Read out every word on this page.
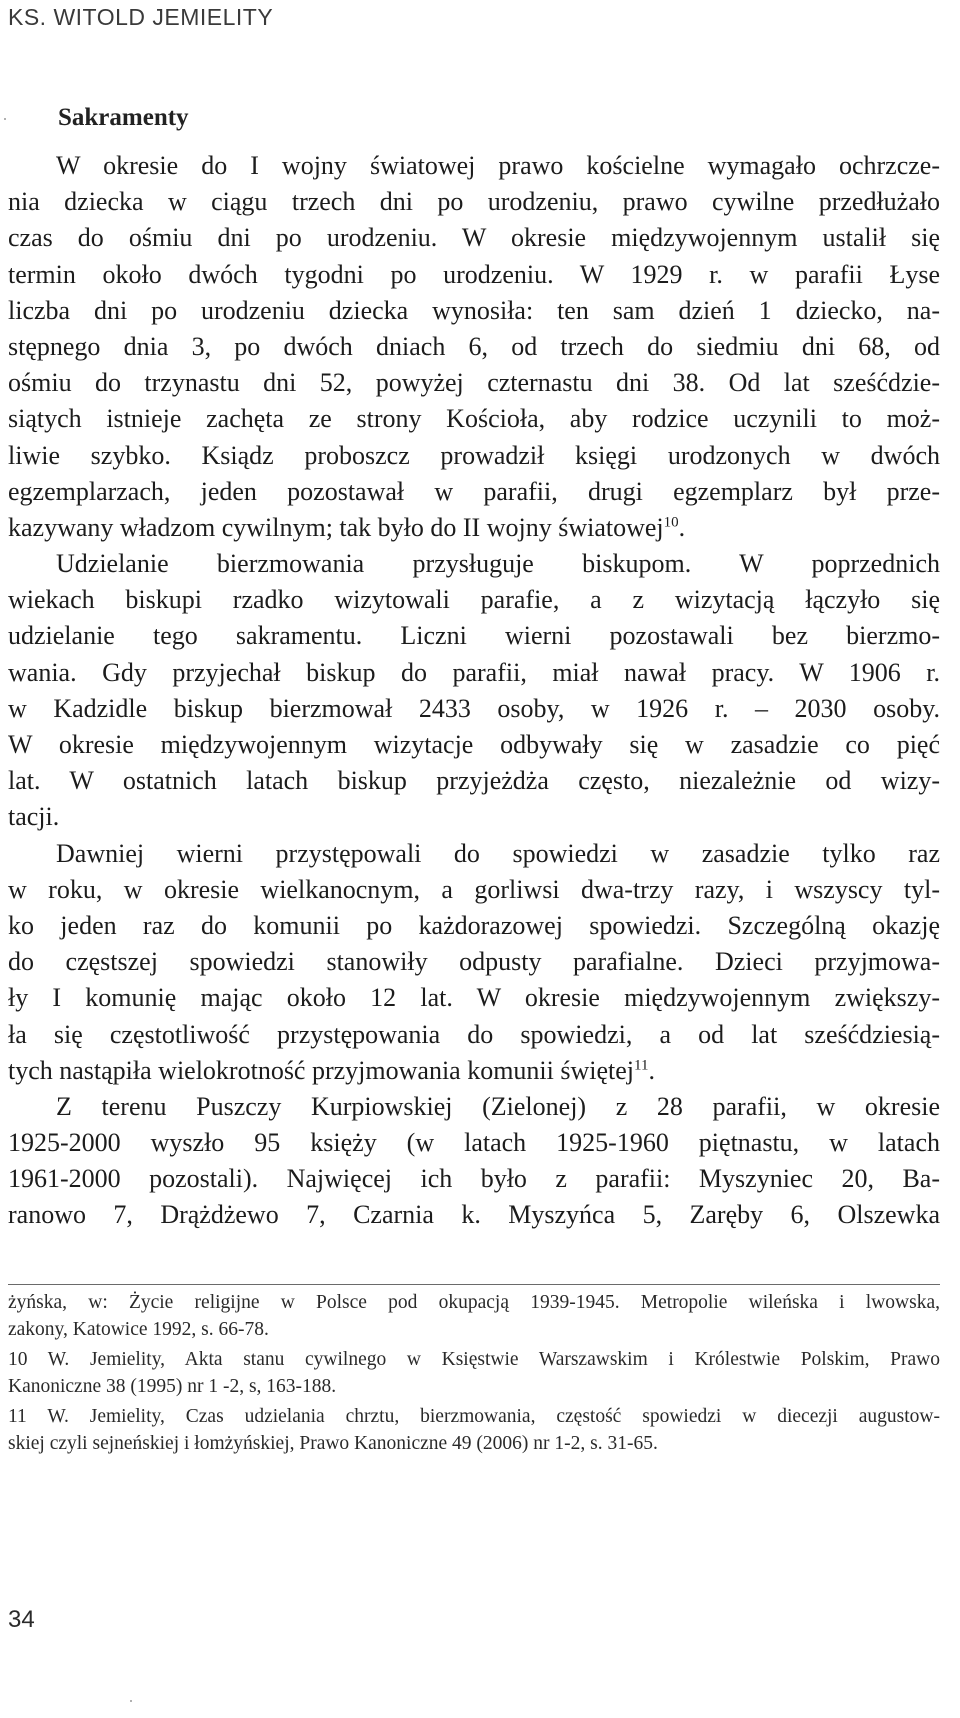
KS. WITOLD JEMIELITY
Sakramenty
W okresie do I wojny światowej prawo kościelne wymagało ochrzcze-
nia dziecka w ciągu trzech dni po urodzeniu, prawo cywilne przedłużało
czas do ośmiu dni po urodzeniu. W okresie międzywojennym ustalił się
termin około dwóch tygodni po urodzeniu. W 1929 r. w parafii Łyse
liczba dni po urodzeniu dziecka wynosiła: ten sam dzień 1 dziecko, na-
stępnego dnia 3, po dwóch dniach 6, od trzech do siedmiu dni 68, od
ośmiu do trzynastu dni 52, powyżej czternastu dni 38. Od lat sześćdzie-
siątych istnieje zachęta ze strony Kościoła, aby rodzice uczynili to moż-
liwie szybko. Ksiądz proboszcz prowadził księgi urodzonych w dwóch
egzemplarzach, jeden pozostawał w parafii, drugi egzemplarz był prze-
kazywany władzom cywilnym; tak było do II wojny światowej$^{10}$.
Udzielanie bierzmowania przysługuje biskupom. W poprzednich
wiekach biskupi rzadko wizytowali parafie, a z wizytacją łączyło się
udzielanie tego sakramentu. Liczni wierni pozostawali bez bierzmo-
wania. Gdy przyjechał biskup do parafii, miał nawał pracy. W 1906 r.
w Kadzidle biskup bierzmował 2433 osoby, w 1926 r. – 2030 osoby.
W okresie międzywojennym wizytacje odbywały się w zasadzie co pięć
lat. W ostatnich latach biskup przyjeżdża często, niezależnie od wizy-
tacji.
Dawniej wierni przystępowali do spowiedzi w zasadzie tylko raz
w roku, w okresie wielkanocnym, a gorliwsi dwa-trzy razy, i wszyscy tyl-
ko jeden raz do komunii po każdorazowej spowiedzi. Szczególną okazję
do częstszej spowiedzi stanowiły odpusty parafialne. Dzieci przyjmowa-
ły I komunię mając około 12 lat. W okresie międzywojennym zwiększy-
ła się częstotliwość przystępowania do spowiedzi, a od lat sześćdziesią-
tych nastąpiła wielokrotność przyjmowania komunii świętej$^{11}$.
Z terenu Puszczy Kurpiowskiej (Zielonej) z 28 parafii, w okresie
1925-2000 wyszło 95 księży (w latach 1925-1960 piętnastu, w latach
1961-2000 pozostali). Najwięcej ich było z parafii: Myszyniec 20, Ba-
ranowo 7, Drążdżewo 7, Czarnia k. Myszyńca 5, Zaręby 6, Olszewka
żyńska, w: Życie religijne w Polsce pod okupacją 1939-1945. Metropolie wileńska i lwowska,
zakony, Katowice 1992, s. 66-78.
10 W. Jemielity, Akta stanu cywilnego w Księstwie Warszawskim i Królestwie Polskim, Prawo
Kanoniczne 38 (1995) nr 1 -2, s, 163-188.
11 W. Jemielity, Czas udzielania chrztu, bierzmowania, częstość spowiedzi w diecezji augustow-
skiej czyli sejneńskiej i łomżyńskiej, Prawo Kanoniczne 49 (2006) nr 1-2, s. 31-65.
34
